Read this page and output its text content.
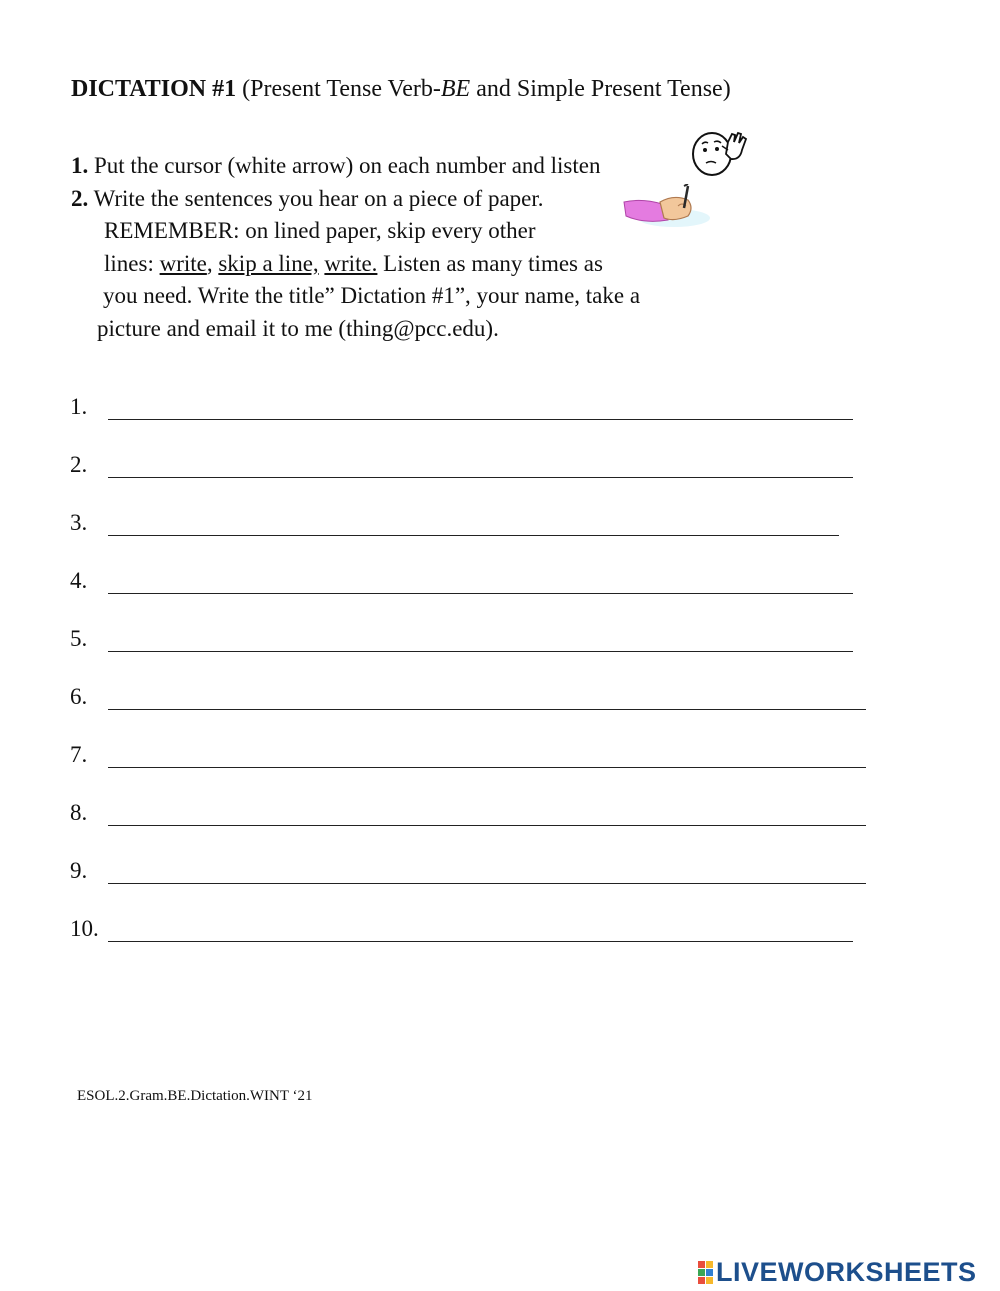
DICTATION #1 (Present Tense Verb-BE and Simple Present Tense)
1. Put the cursor (white arrow) on each number and listen
2. Write the sentences you hear on a piece of paper.
REMEMBER: on lined paper, skip every other
lines: write, skip a line, write. Listen as many times as
you need. Write the title” Dictation #1”, your name, take a
picture and email it to me (thing@pcc.edu).
1.
2.
3.
4.
5.
6.
7.
8.
9.
10.
ESOL.2.Gram.BE.Dictation.WINT ‘21
LIVEWORKSHEETS
